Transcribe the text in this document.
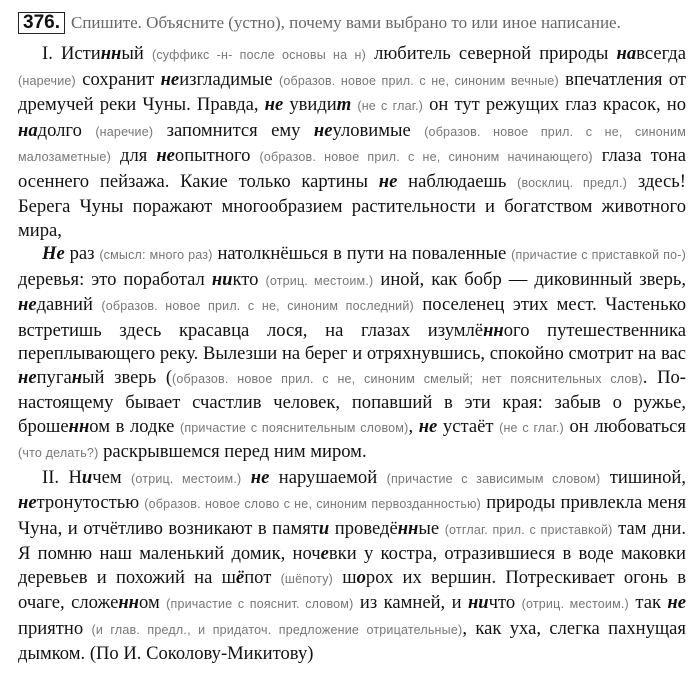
376. Спишите. Объясните (устно), почему вами выбрано то или иное написание.

I. Истинный (суффикс -н- после основы на н) любитель северной природы навсегда (наречие) сохранит неизгладимые (образов. новое прил. с не, синоним вечные) впечатления от дремучей реки Чуны. Правда, не увидит (не с глаг.) он тут режущих глаз красок, но надолго (наречие) запомнится ему неуловимые (образов. новое прил. с не, синоним малозаметные) для неопытного (образов. новое прил. с не, синоним начинающего) глаза тона осеннего пейзажа. Какие только картины не наблюдаешь (восклиц. предл.) здесь! Берега Чуны поражают многообразием растительности и богатством животного мира,

Не раз (смысл: много раз) натолкнёшься в пути на поваленные (причастие с приставкой по-) деревья: это поработал никто (отриц. местоим.) иной, как бобр — диковинный зверь, недавний (образов. новое прил. с не, синоним последний) поселенец этих мест. Частенько встретишь здесь красавца лося, на глазах изумлённого путешественника переплывающего реку. Вылезши на берег и отряхнувшись, спокойно смотрит на вас непуганый зверь ((образов. новое прил. с не, синоним смелый; нет пояснительных слов). По-настоящему бывает счастлив человек, попавший в эти края: забыв о ружье, брошенном в лодке (причастие с пояснительным словом), не устаёт (не с глаг.) он любоваться (что делать?) раскрывшемся перед ним миром.

II. Ничем (отриц. местоим.) не нарушаемой (причастие с зависимым словом) тишиной, нетронутостью (образов. новое слово с не, синоним первозданностью) природы привлекла меня Чуна, и отчётливо возникают в памяти проведённые (отглаг. прил. с приставкой) там дни. Я помню наш маленький домик, ночевки у костра, отразившиеся в воде маковки деревьев и похожий на шёпот (шёпоту) шорох их вершин. Потрескивает огонь в очаге, сложенном (причастие с пояснит. словом) из камней, и ничто (отриц. местоим.) так не приятно (и глав. предл., и придаточ. предложение отрицательные), как уха, слегка пахнущая дымком. (По И. Соколову-Микитову)
